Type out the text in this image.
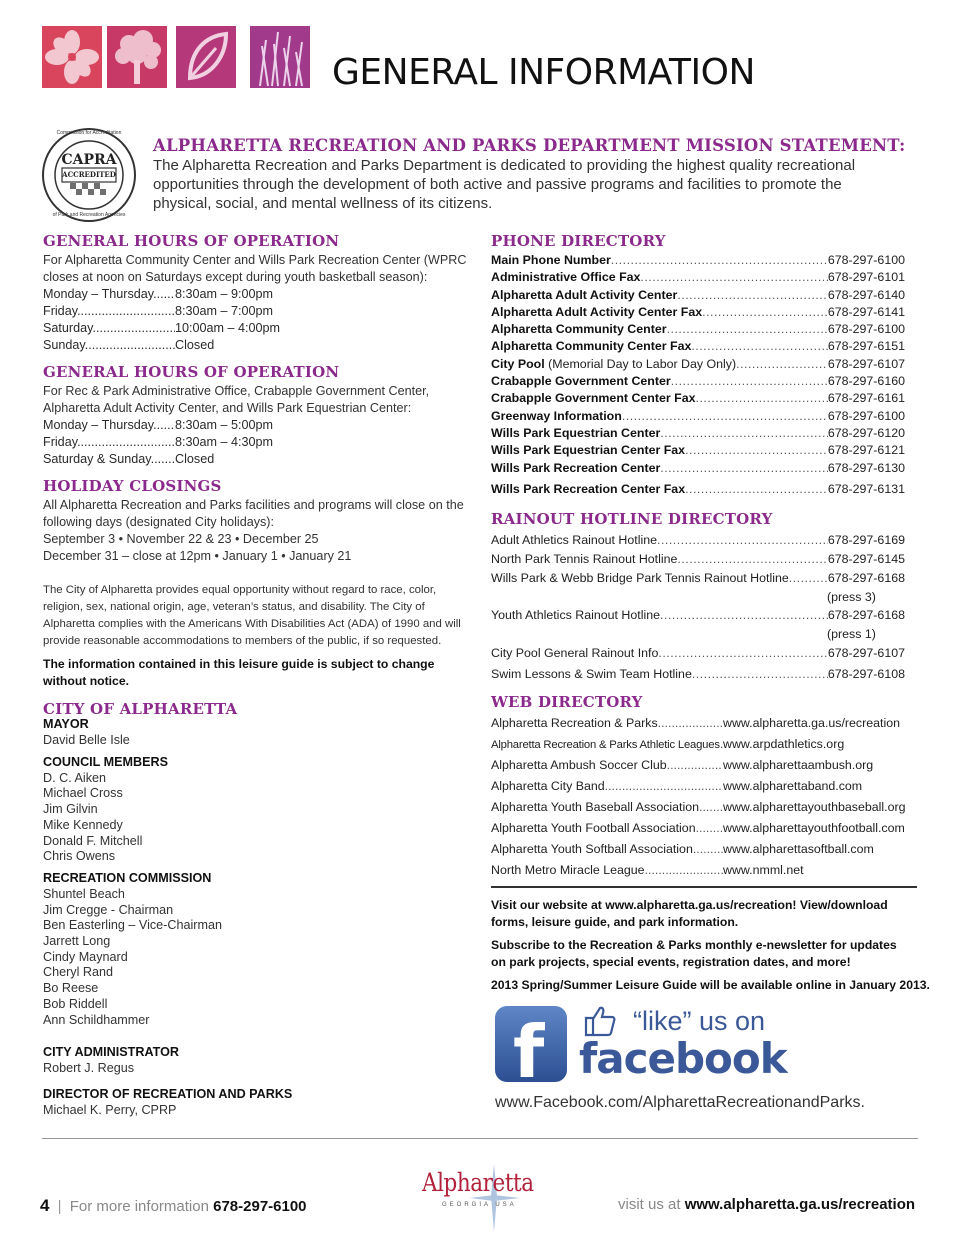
GENERAL INFORMATION
CAPRA
ACCREDITED
Commission for Accreditation
of Park and Recreation Agencies
ALPHARETTA RECREATION AND PARKS DEPARTMENT MISSION STATEMENT:
The Alpharetta Recreation and Parks Department is dedicated to providing the highest quality recreational
opportunities through the development of both active and passive programs and facilities to promote the
physical, social, and mental wellness of its citizens.
GENERAL HOURS OF OPERATION
For Alpharetta Community Center and Wills Park Recreation Center (WPRC
closes at noon on Saturdays except during youth basketball season):
Monday – Thursday .....	8:30am – 9:00pm
Friday .....	8:30am – 7:00pm
Saturday .....	10:00am – 4:00pm
Sunday .....	Closed
GENERAL HOURS OF OPERATION
For Rec & Park Administrative Office, Crabapple Government Center,
Alpharetta Adult Activity Center, and Wills Park Equestrian Center:
Monday – Thursday .....	8:30am – 5:00pm
Friday .....	8:30am – 4:30pm
Saturday & Sunday .....	Closed
HOLIDAY CLOSINGS
All Alpharetta Recreation and Parks facilities and programs will close on the
following days (designated City holidays):
September 3 • November 22 & 23 • December 25
December 31 – close at 12pm • January 1 • January 21
The City of Alpharetta provides equal opportunity without regard to race, color,
religion, sex, national origin, age, veteran’s status, and disability. The City of
Alpharetta complies with the Americans With Disabilities Act (ADA) of 1990 and will
provide reasonable accommodations to members of the public, if so requested.
The information contained in this leisure guide is subject to change
without notice.
CITY OF ALPHARETTA
MAYOR
David Belle Isle
COUNCIL MEMBERS
D. C. Aiken
Michael Cross
Jim Gilvin
Mike Kennedy
Donald F. Mitchell
Chris Owens
RECREATION COMMISSION
Shuntel Beach
Jim Cregge - Chairman
Ben Easterling – Vice-Chairman
Jarrett Long
Cindy Maynard
Cheryl Rand
Bo Reese
Bob Riddell
Ann Schildhammer
CITY ADMINISTRATOR
Robert J. Regus
DIRECTOR OF RECREATION AND PARKS
Michael K. Perry, CPRP
PHONE DIRECTORY
Main Phone Number .....	678-297-6100
Administrative Office Fax .....	678-297-6101
Alpharetta Adult Activity Center .....	678-297-6140
Alpharetta Adult Activity Center Fax .....	678-297-6141
Alpharetta Community Center .....	678-297-6100
Alpharetta Community Center Fax .....	678-297-6151
City Pool (Memorial Day to Labor Day Only) .....	678-297-6107
Crabapple Government Center .....	678-297-6160
Crabapple Government Center Fax .....	678-297-6161
Greenway Information .....	678-297-6100
Wills Park Equestrian Center .....	678-297-6120
Wills Park Equestrian Center Fax .....	678-297-6121
Wills Park Recreation Center .....	678-297-6130
Wills Park Recreation Center Fax .....	678-297-6131
RAINOUT HOTLINE DIRECTORY
Adult Athletics Rainout Hotline .....	678-297-6169
North Park Tennis Rainout Hotline .....	678-297-6145
Wills Park & Webb Bridge Park Tennis Rainout Hotline .....	678-297-6168
(press 3)
Youth Athletics Rainout Hotline .....	678-297-6168
(press 1)
City Pool General Rainout Info .....	678-297-6107
Swim Lessons & Swim Team Hotline .....	678-297-6108
WEB DIRECTORY
Alpharetta Recreation & Parks .....	www.alpharetta.ga.us/recreation
Alpharetta Recreation & Parks Athletic Leagues ..... www.arpdathletics.org
Alpharetta Ambush Soccer Club .....	www.alpharettaambush.org
Alpharetta City Band .....	www.alpharettaband.com
Alpharetta Youth Baseball Association ..... www.alpharettayouthbaseball.org
Alpharetta Youth Football Association ..... www.alpharettayouthfootball.com
Alpharetta Youth Softball Association ..... www.alpharettasoftball.com
North Metro Miracle League .....	www.nmml.net
Visit our website at www.alpharetta.ga.us/recreation! View/download
forms, leisure guide, and park information.
Subscribe to the Recreation & Parks monthly e-newsletter for updates
on park projects, special events, registration dates, and more!
2013 Spring/Summer Leisure Guide will be available online in January 2013.
f	“like” us on
facebook
www.Facebook.com/AlpharettaRecreationandParks.
4 | For more information 678-297-6100
Alpharetta
GEORGIA USA	visit us at www.alpharetta.ga.us/recreation
